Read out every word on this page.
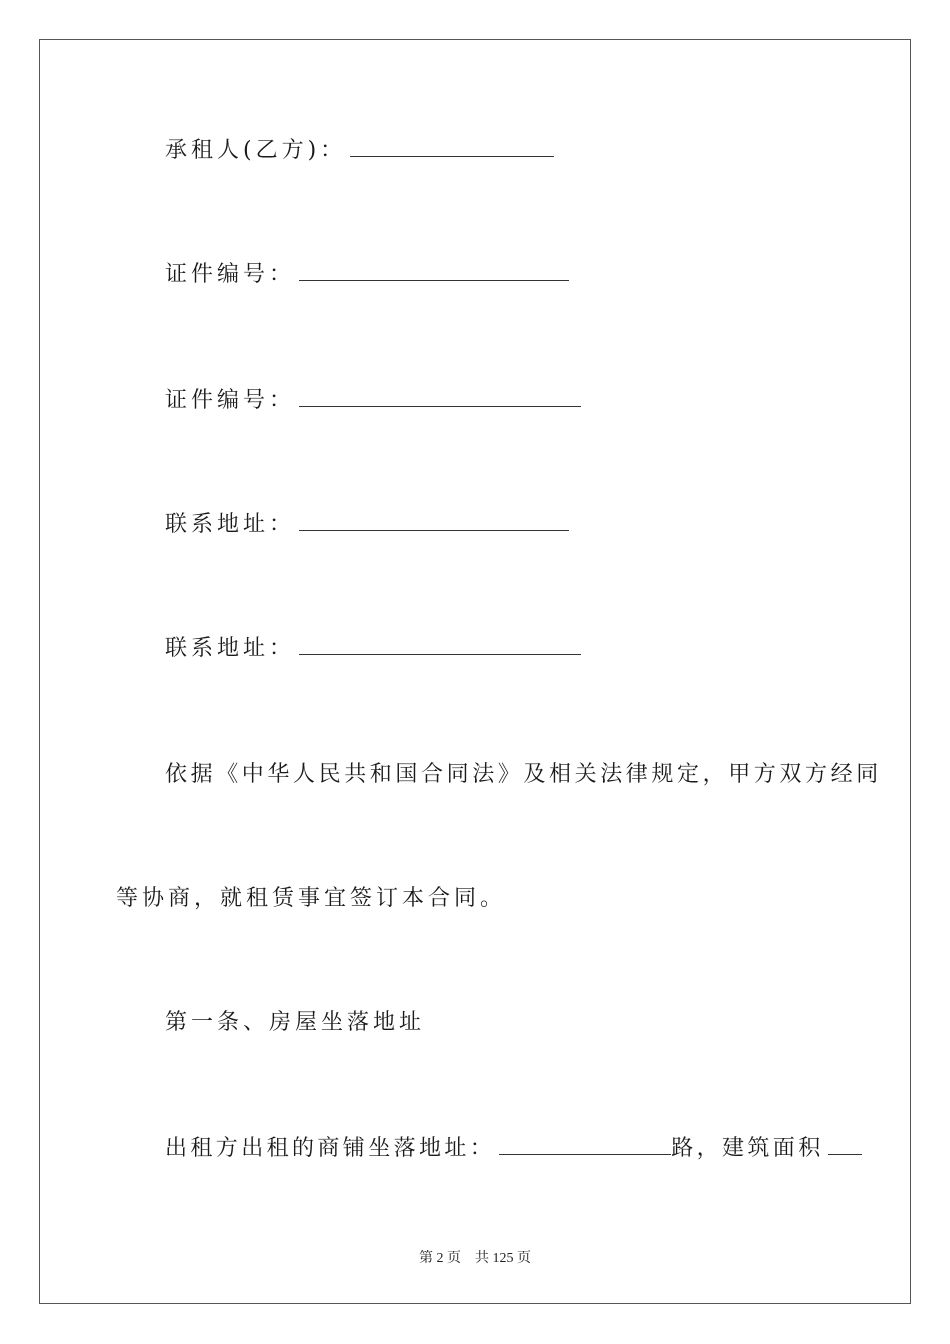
承租人(乙方)：
证件编号：
证件编号：
联系地址：
联系地址：
依据《中华人民共和国合同法》及相关法律规定，甲方双方经同
等协商，就租赁事宜签订本合同。
第一条、房屋坐落地址
出租方出租的商铺坐落地址：	路，建筑面积
第 2 页 共 125 页
